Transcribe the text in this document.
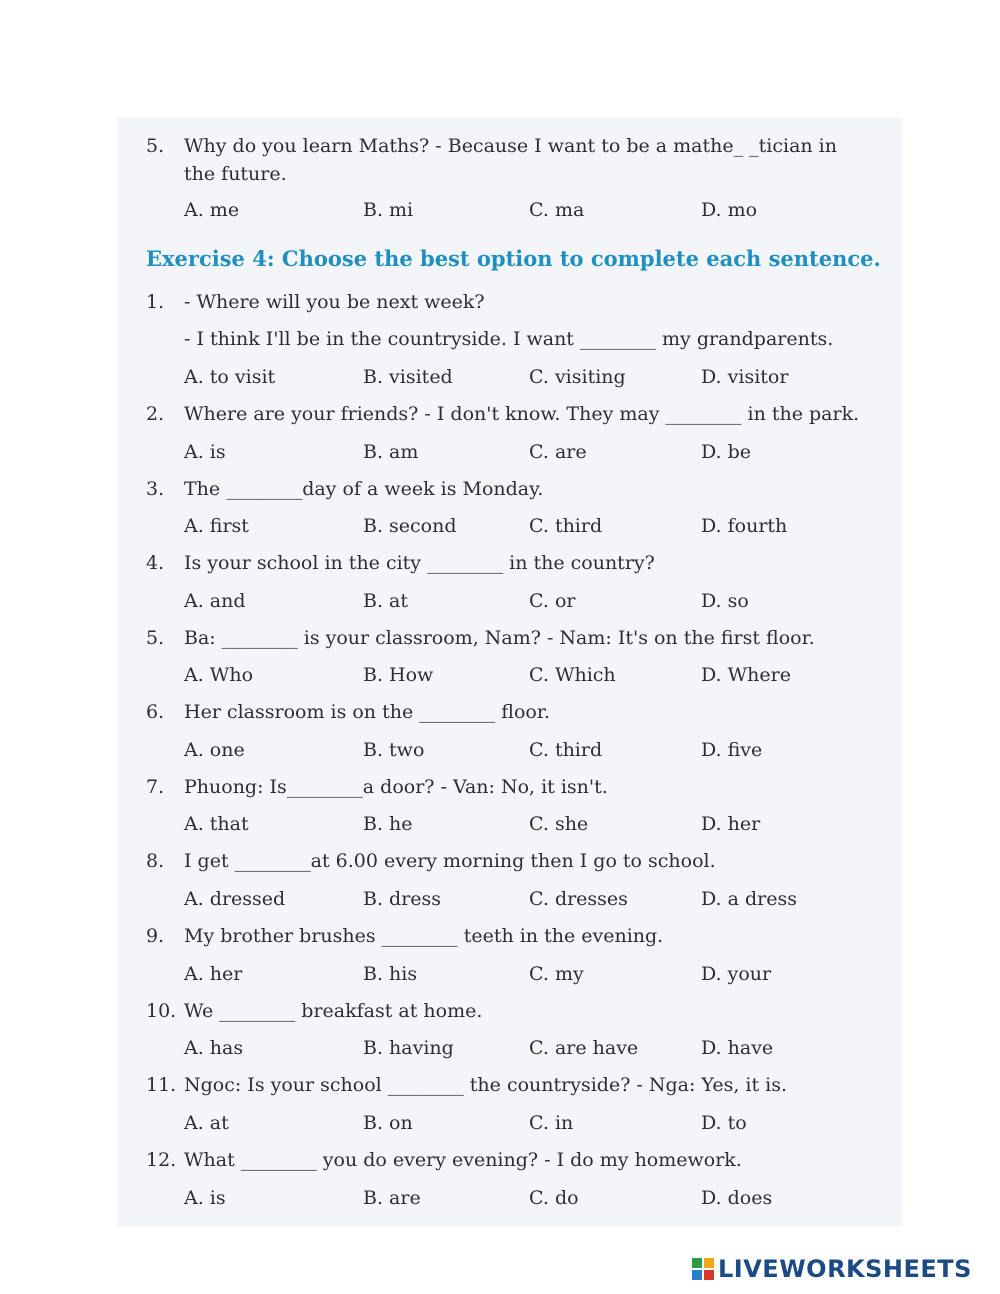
5. Why do you learn Maths? - Because I want to be a mathe_ _tician in
the future.
A. me	B. mi	C. ma	D. mo
Exercise 4: Choose the best option to complete each sentence.
1. - Where will you be next week?
- I think I'll be in the countryside. I want ________ my grandparents.
A. to visit	B. visited	C. visiting	D. visitor
2. Where are your friends? - I don't know. They may ________ in the park.
A. is	B. am	C. are	D. be
3. The ________day of a week is Monday.
A. first	B. second	C. third	D. fourth
4. Is your school in the city ________ in the country?
A. and	B. at	C. or	D. so
5. Ba: ________ is your classroom, Nam? - Nam: It's on the first floor.
A. Who	B. How	C. Which	D. Where
6. Her classroom is on the ________ floor.
A. one	B. two	C. third	D. five
7. Phuong: Is________a door? - Van: No, it isn't.
A. that	B. he	C. she	D. her
8. I get ________at 6.00 every morning then I go to school.
A. dressed	B. dress	C. dresses	D. a dress
9. My brother brushes ________ teeth in the evening.
A. her	B. his	C. my	D. your
10. We ________ breakfast at home.
A. has	B. having	C. are have	D. have
11. Ngoc: Is your school ________ the countryside? - Nga: Yes, it is.
A. at	B. on	C. in	D. to
12. What ________ you do every evening? - I do my homework.
A. is	B. are	C. do	D. does
LIVEWORKSHEETS
